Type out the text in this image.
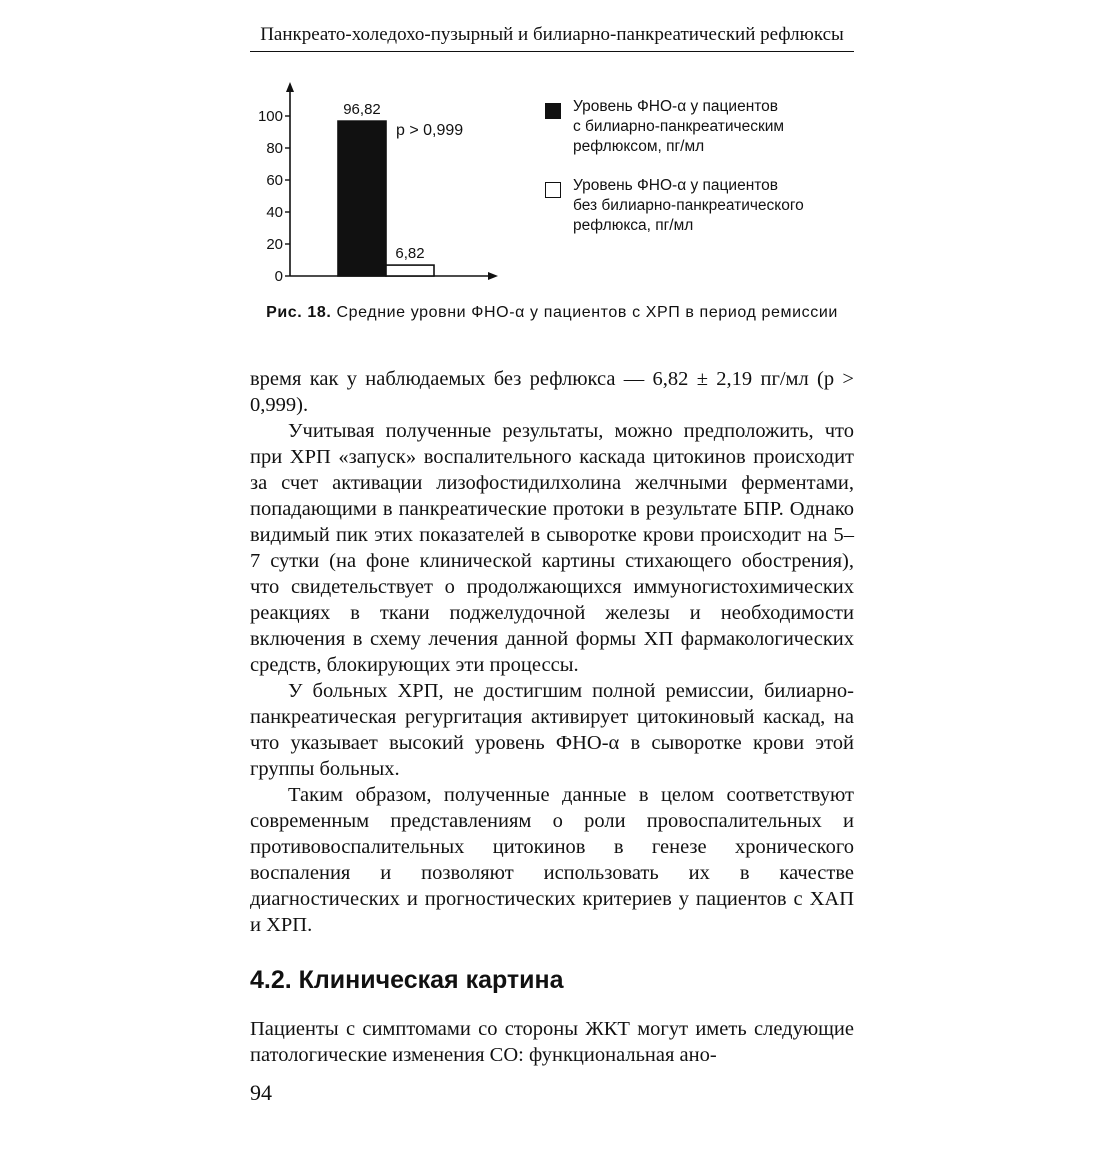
Панкреато-холедохо-пузырный и билиарно-панкреатический рефлюксы
0
20
40
60
80
100	96,82
6,82
p > 0,999
Уровень ФНО-α у пациентов
с билиарно-панкреатическим
рефлюксом, пг/мл
Уровень ФНО-α у пациентов
без билиарно-панкреатического
рефлюкса, пг/мл
Рис. 18. Средние уровни ФНО-α у пациентов с ХРП в период ремиссии

время как у наблюдаемых без рефлюкса — 6,82 ± 2,19 пг/мл (p > 0,999).

Учитывая полученные результаты, можно предположить, что при ХРП «запуск» воспалительного каскада цитокинов происходит за счет активации лизофостидилхолина желчными ферментами, попадающими в панкреатические протоки в результате БПР. Однако видимый пик этих показателей в сыворотке крови происходит на 5–7 сутки (на фоне клинической картины стихающего обострения), что свидетельствует о продолжающихся иммуногистохимических реакциях в ткани поджелудочной железы и необходимости включения в схему лечения данной формы ХП фармакологических средств, блокирующих эти процессы.

У больных ХРП, не достигшим полной ремиссии, билиарно-панкреатическая регургитация активирует цитокиновый каскад, на что указывает высокий уровень ФНО-α в сыворотке крови этой группы больных.

Таким образом, полученные данные в целом соответствуют современным представлениям о роли провоспалительных и противовоспалительных цитокинов в генезе хронического воспаления и позволяют использовать их в качестве диагностических и прогностических критериев у пациентов с ХАП и ХРП.

4.2. Клиническая картина

Пациенты с симптомами со стороны ЖКТ могут иметь следующие патологические изменения СО: функциональная ано-

94
